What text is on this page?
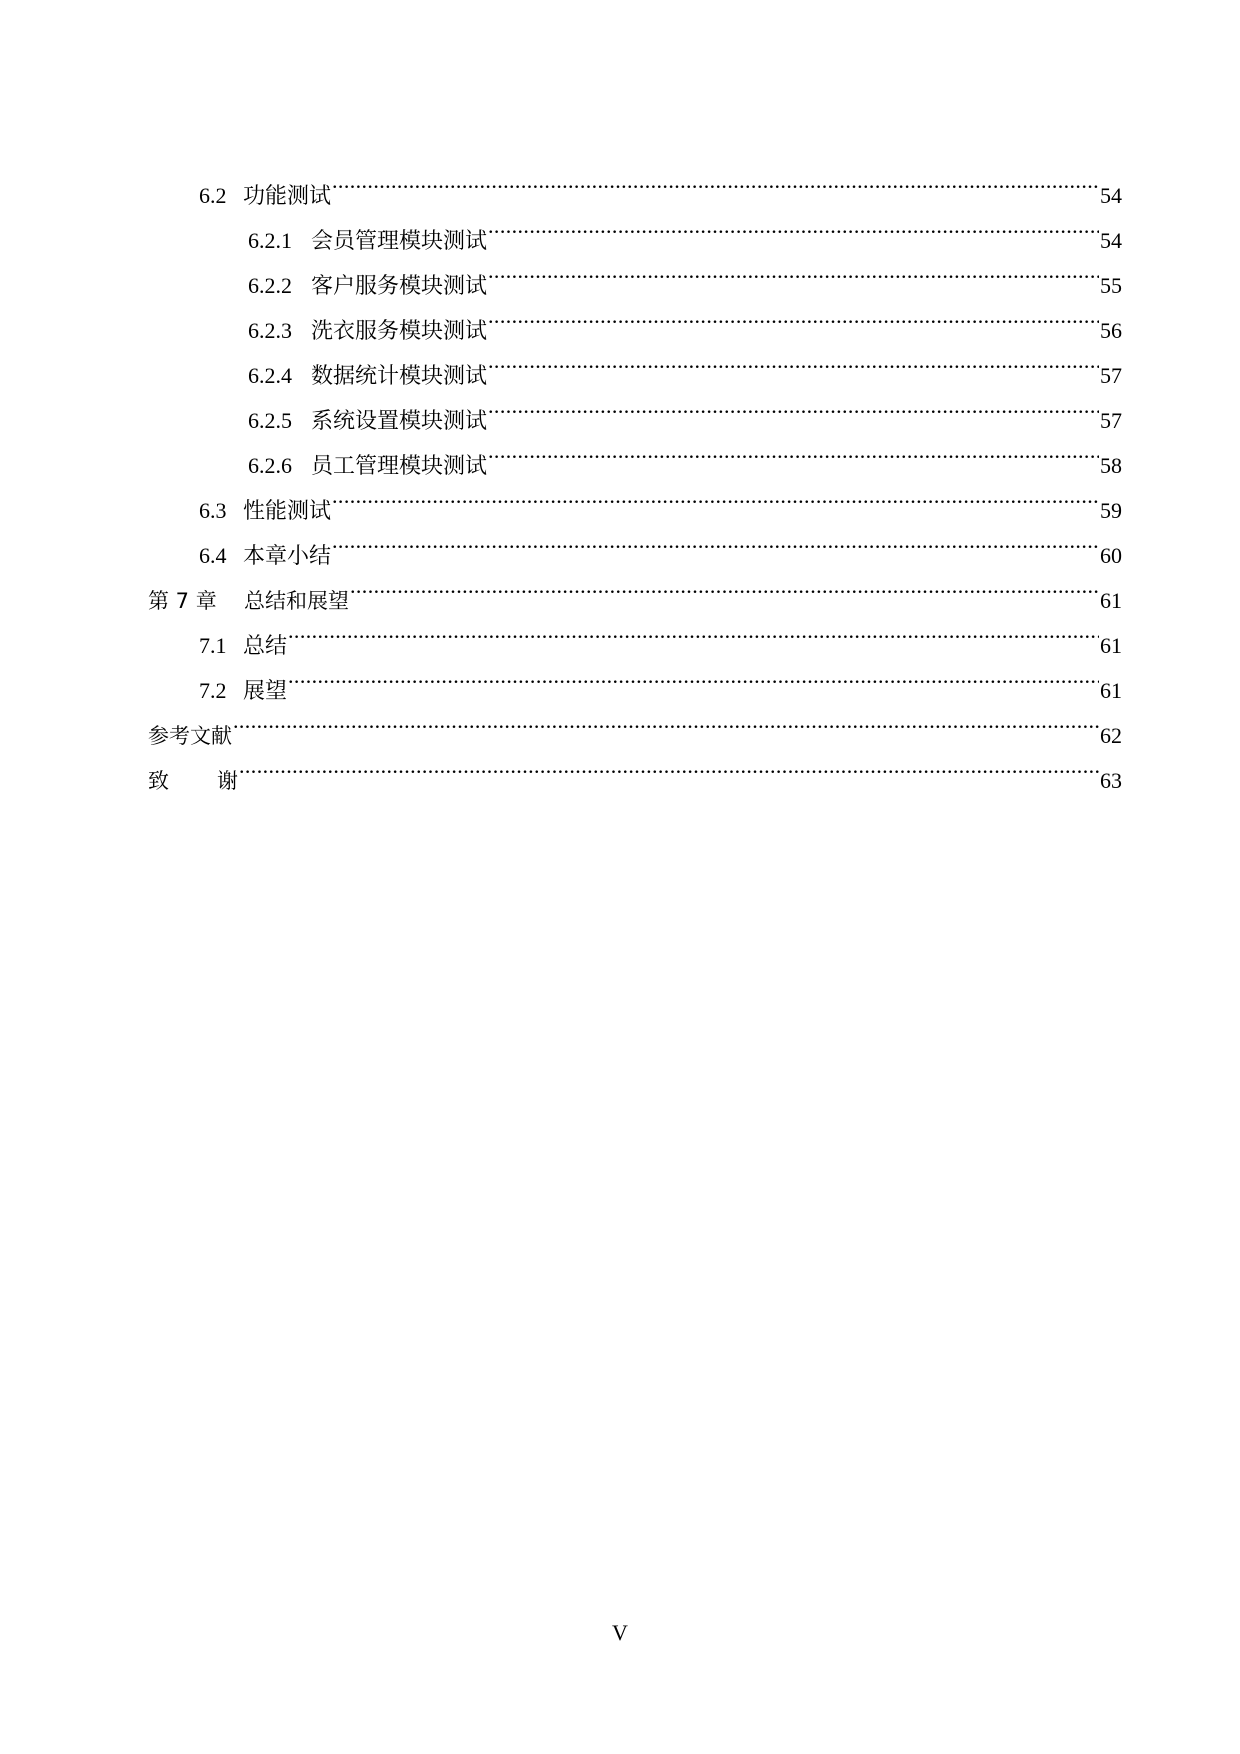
6.2 功能测试 .....	54
6.2.1 会员管理模块测试 .....	54
6.2.2 客户服务模块测试 .....	55
6.2.3 洗衣服务模块测试 .....	56
6.2.4 数据统计模块测试 .....	57
6.2.5 系统设置模块测试 .....	57
6.2.6 员工管理模块测试 .....	58
6.3 性能测试 .....	59
6.4 本章小结 .....	60
第 7 章	总结和展望 .....	61
7.1 总结 .....	61
7.2 展望 .....	61
参考文献 .....	62
致谢 .....	63
V
